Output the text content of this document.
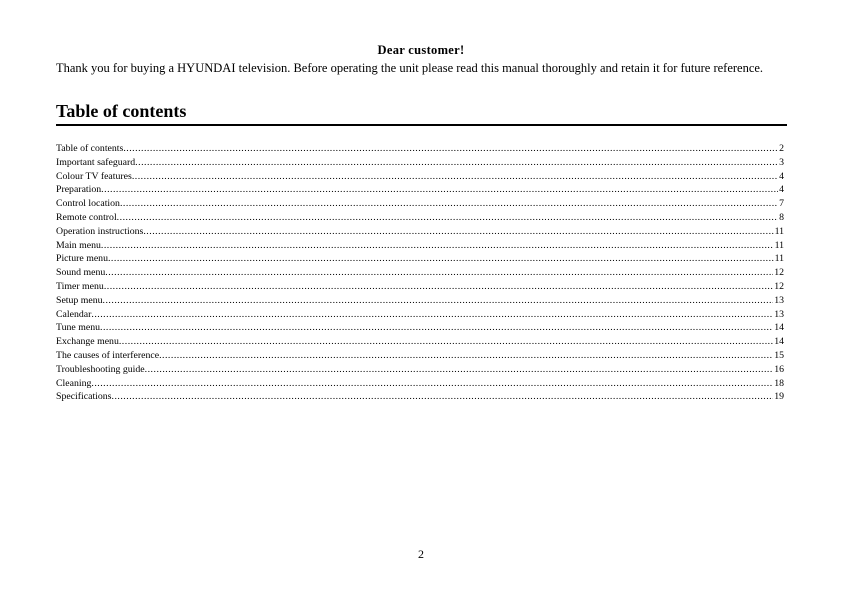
Dear customer!
Thank you for buying a HYUNDAI television. Before operating the unit please read this manual thoroughly and retain it for future reference.
Table of contents
Table of contents .....	2
Important safeguard .....	3
Colour TV features .....	4
Preparation .....	4
Control location .....	7
Remote control .....	8
Operation instructions .....	11
Main menu .....	11
Picture menu .....	11
Sound menu .....	12
Timer menu .....	12
Setup menu .....	13
Calendar .....	13
Tune menu .....	14
Exchange menu .....	14
The causes of interference .....	15
Troubleshooting guide .....	16
Cleaning .....	18
Specifications .....	19
2
